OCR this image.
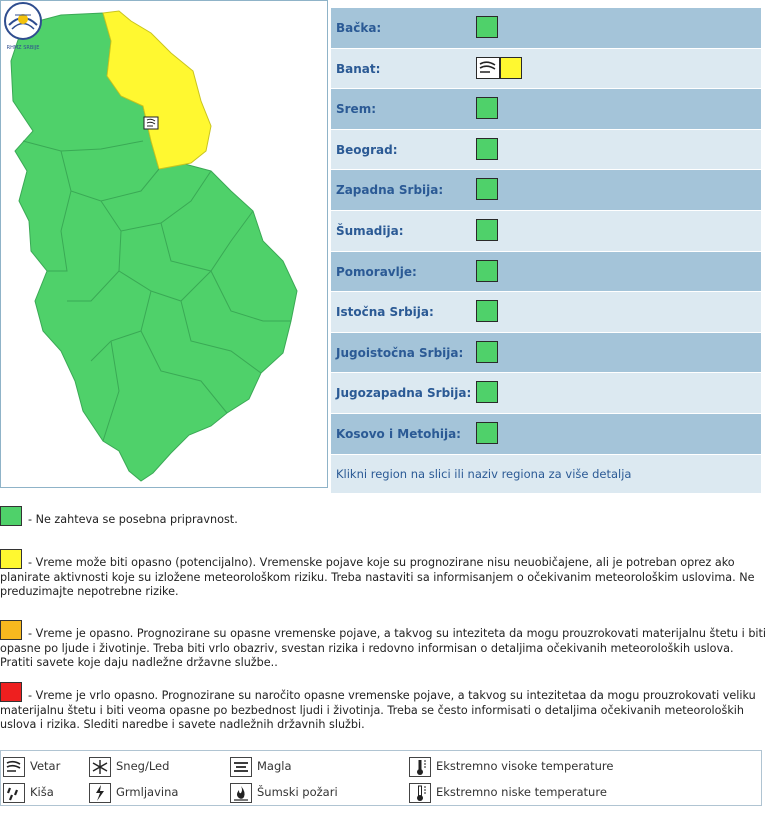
RHMZ SRBIJE
Bačka:
Banat:
Srem:
Beograd:
Zapadna Srbija:
Šumadija:
Pomoravlje:
Istočna Srbija:
Jugoistočna Srbija:
Jugozapadna Srbija:
Kosovo i Metohija:
Klikni region na slici ili naziv regiona za više detalja
- Ne zahteva se posebna pripravnost.
- Vreme može biti opasno (potencijalno). Vremenske pojave koje su prognozirane nisu neuobičajene, ali je potreban oprez ako planirate aktivnosti koje su izložene meteorološkom riziku. Treba nastaviti sa informisanjem o očekivanim meteorološkim uslovima. Ne preduzimajte nepotrebne rizike.
- Vreme je opasno. Prognozirane su opasne vremenske pojave, a takvog su inteziteta da mogu prouzrokovati materijalnu štetu i biti opasne po ljude i životinje. Treba biti vrlo obazriv, svestan rizika i redovno informisan o detaljima očekivanih meteoroloških uslova. Pratiti savete koje daju nadležne državne službe..
- Vreme je vrlo opasno. Prognozirane su naročito opasne vremenske pojave, a takvog su intezitetaa da mogu prouzrokovati veliku materijalnu štetu i biti veoma opasne po bezbednost ljudi i životinja. Treba se često informisati o detaljima očekivanih meteoroloških uslova i rizika. Slediti naredbe i savete nadležnih državnih službi.
Vetar
Kiša
Sneg/Led
Grmljavina
Magla
Šumski požari
Ekstremno visoke temperature
Ekstremno niske temperature
